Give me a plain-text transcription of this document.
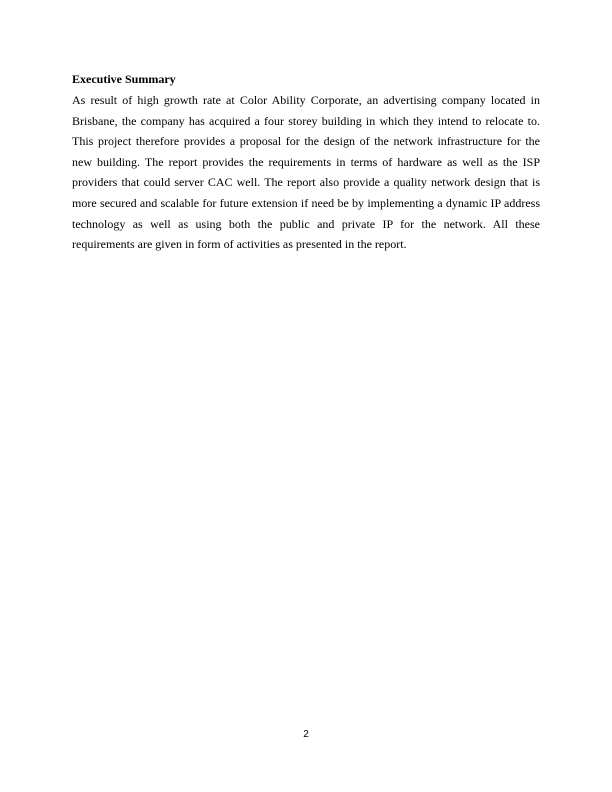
Executive Summary
As result of high growth rate at Color Ability Corporate, an advertising company located in
Brisbane, the company has acquired a four storey building in which they intend to relocate to.
This project therefore provides a proposal for the design of the network infrastructure for the
new building. The report provides the requirements in terms of hardware as well as the ISP
providers that could server CAC well. The report also provide a quality network design that is
more secured and scalable for future extension if need be by implementing a dynamic IP address
technology as well as using both the public and private IP for the network. All these
requirements are given in form of activities as presented in the report.
2
